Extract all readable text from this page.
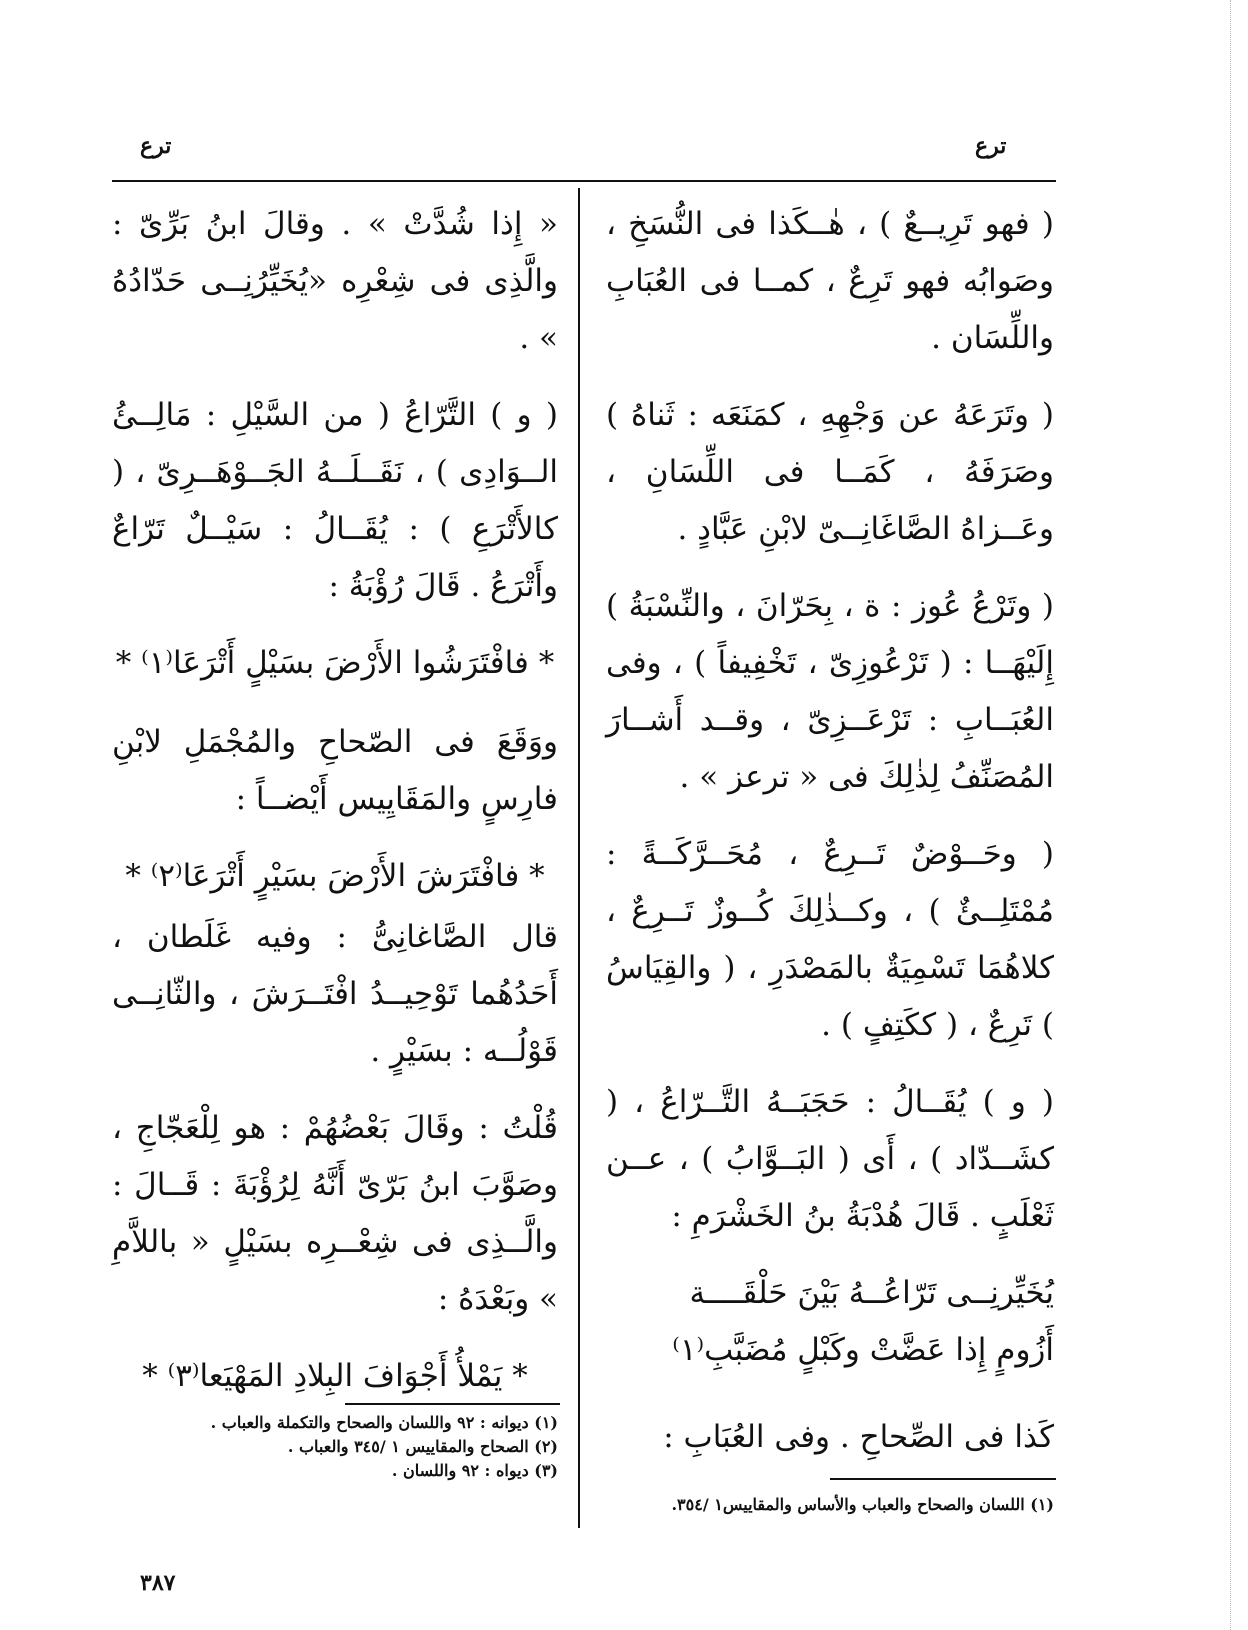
ترع
ترع

( فهو تَرِيــعٌ ) ، هٰــكَذا فى النُّسَخِ ، وصَوابُه فهو تَرِعٌ ، كمــا فى العُبَابِ واللِّسَان .

( وتَرَعَهُ عن وَجْهِهِ ، كمَنَعَه : ثَناهُ ) وصَرَفَهُ ، كَمَــا فى اللِّسَانِ ، وعَــزاهُ الصَّاغَانِــىّ لابْنِ عَبَّادٍ .

( وتَرْعُ عُوز : ة ، بِحَرّانَ ، والنِّسْبَةُ ) إِلَيْهَــا : ( تَرْعُوزِىّ ، تَخْفِيفاً ) ، وفى العُبَــابِ : تَرْعَــزِىّ ، وقــد أَشــارَ المُصَنِّفُ لِذٰلِكَ فى « ترعز » .

( وحَــوْضٌ تَــرِعٌ ، مُحَــرَّكَــةً : مُمْتَلِــئٌ ) ، وكــذٰلِكَ كُــوزٌ تَــرِعٌ ، كلاهُمَا تَسْمِيَةٌ بالمَصْدَرِ ، ( والقِيَاسُ ) تَرِعٌ ، ( ككَتِفٍ ) .

( و ) يُقَــالُ : حَجَبَــهُ التَّــرّاعُ ، ( كشَــدّاد ) ، أَى ( البَــوَّابُ ) ، عــن ثَعْلَبٍ . قَالَ هُدْبَةُ بنُ الخَشْرَمِ :

يُخَيِّرنِــى تَرّاعُــهُ بَيْنَ حَلْقَــــة

أَزُومٍ إِذا عَضَّتْ وكَبْلٍ مُضَبَّبِ⁽١⁾

كَذا فى الصِّحاحِ . وفى العُبَابِ :

« إِذا شُدَّتْ » . وقالَ ابنُ بَرِّىّ : والَّذِى فى شِعْرِه «يُخَيِّرُنِــى حَدّادُهُ » .

( و ) التَّرّاعُ ( من السَّيْلِ : مَالِــئُ الــوَادِى ) ، نَقَــلَــهُ الجَــوْهَــرِىّ ، ( كالأَتْرَعِ ) : يُقَــالُ : سَيْــلٌ تَرّاعٌ وأَتْرَعُ . قَالَ رُؤْبَةُ :

* فافْتَرَشُوا الأَرْضَ بسَيْلٍ أَتْرَعَا⁽١⁾ *

ووَقَعَ فى الصّحاحِ والمُجْمَلِ لابْنِ فارِسٍ والمَقَايِيس أَيْضــاً :

* فافْتَرَشَ الأَرْضَ بسَيْرٍ أَتْرَعَا⁽٢⁾ *

قال الصَّاغانِىُّ : وفيه غَلَطان ، أَحَدُهُما تَوْحِيــدُ افْتَــرَشَ ، والثّانِــى قَوْلُــه : بسَيْرٍ .

قُلْتُ : وقَالَ بَعْضُهُمْ : هو لِلْعَجّاجِ ، وصَوَّبَ ابنُ بَرّىّ أَنَّهُ لِرُؤْبَةَ : قَــالَ : والَّــذِى فى شِعْــرِه بسَيْلٍ « باللاَّمِ » وبَعْدَهُ :

* يَمْلأُ أَجْوَافَ البِلادِ المَهْيَعا⁽٣⁾ *

(١) اللسان والصحاح والعباب والأساس والمقاييس١ /٣٥٤.
(١) ديوانه : ٩٢ واللسان والصحاح والتكملة والعباب .
(٢) الصحاح والمقاييس ١ /٣٤٥ والعباب .
(٣) ديواه : ٩٢ واللسان .
٣٨٧
